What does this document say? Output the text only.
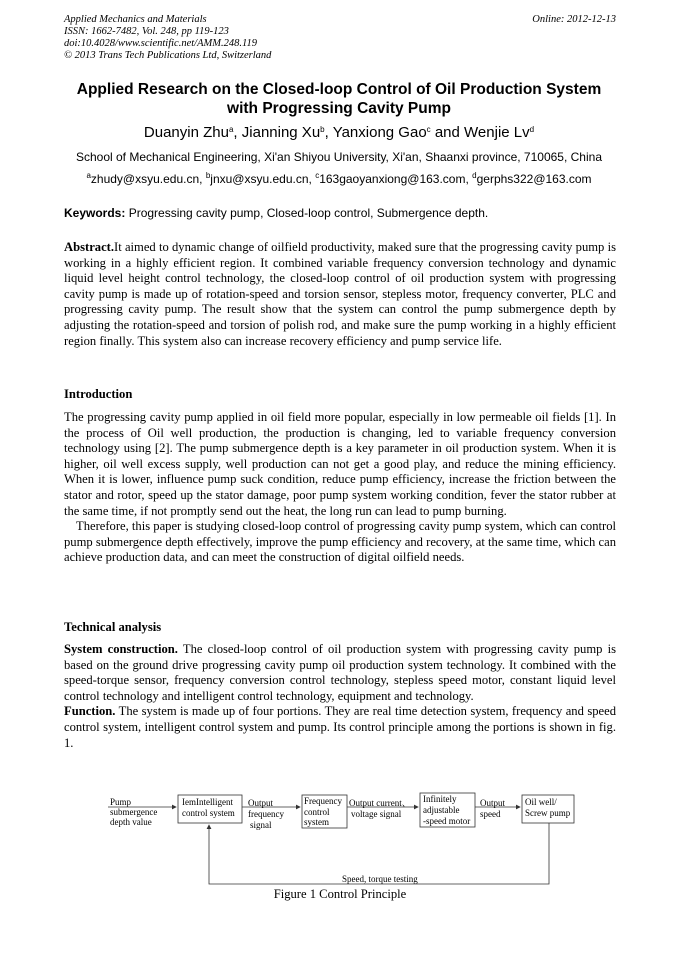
Applied Mechanics and Materials
ISSN: 1662-7482, Vol. 248, pp 119-123
doi:10.4028/www.scientific.net/AMM.248.119
© 2013 Trans Tech Publications Ltd, Switzerland
Online: 2012-12-13
Applied Research on the Closed-loop Control of Oil Production System
with Progressing Cavity Pump
Duanyin Zhu$^a$, Jianning Xu$^b$, Yanxiong Gao$^c$ and Wenjie Lv$^d$
School of Mechanical Engineering, Xi'an Shiyou University, Xi'an, Shaanxi province, 710065, China
$^a$zhudy@xsyu.edu.cn, $^b$jnxu@xsyu.edu.cn, $^c$163gaoyanxiong@163.com, $^d$gerphs322@163.com
Keywords: Progressing cavity pump, Closed-loop control, Submergence depth.

Abstract.It aimed to dynamic change of oilfield productivity, maked sure that the progressing cavity pump is working in a highly efficient region. It combined variable frequency conversion technology and dynamic liquid level height control technology, the closed-loop control of oil production system with progressing cavity pump is made up of rotation-speed and torsion sensor, stepless motor, frequency converter, PLC and progressing cavity pump. The result show that the system can control the pump submergence depth by adjusting the rotation-speed and torsion of polish rod, and make sure the pump working in a highly efficient region finally. This system also can increase recovery efficiency and pump service life.

Introduction

The progressing cavity pump applied in oil field more popular, especially in low permeable oil fields [1]. In the process of Oil well production, the production is changing, led to variable frequency conversion technology using [2]. The pump submergence depth is a key parameter in oil production system. When it is higher, oil well excess supply, well production can not get a good play, and reduce the mining efficiency. When it is lower, influence pump suck condition, reduce pump efficiency, increase the friction between the stator and rotor, speed up the stator damage, poor pump system working condition, fever the stator rubber at the same time, if not promptly send out the heat, the long run can lead to pump burning.

Therefore, this paper is studying closed-loop control of progressing cavity pump system, which can control pump submergence depth effectively, improve the pump efficiency and recovery, at the same time, which can achieve production data, and can meet the construction of digital oilfield needs.

Technical analysis

System construction. The closed-loop control of oil production system with progressing cavity pump is based on the ground drive progressing cavity pump oil production system technology. It combined with the speed-torque sensor, frequency conversion control technology, stepless speed motor, constant liquid level control technology and intelligent control technology, equipment and technology.

Function. The system is made up of four portions. They are real time detection system, frequency and speed control system, intelligent control system and pump. Its control principle among the portions is shown in fig. 1.

Pump
submergence
depth value
IemIntelligent
control system
Output
frequency
signal
Frequency
control
system
Output current、
voltage signal
Infinitely
adjustable
-speed motor
Output
speed
Oil well/
Screw pump
Speed, torque testing
Figure 1 Control Principle
